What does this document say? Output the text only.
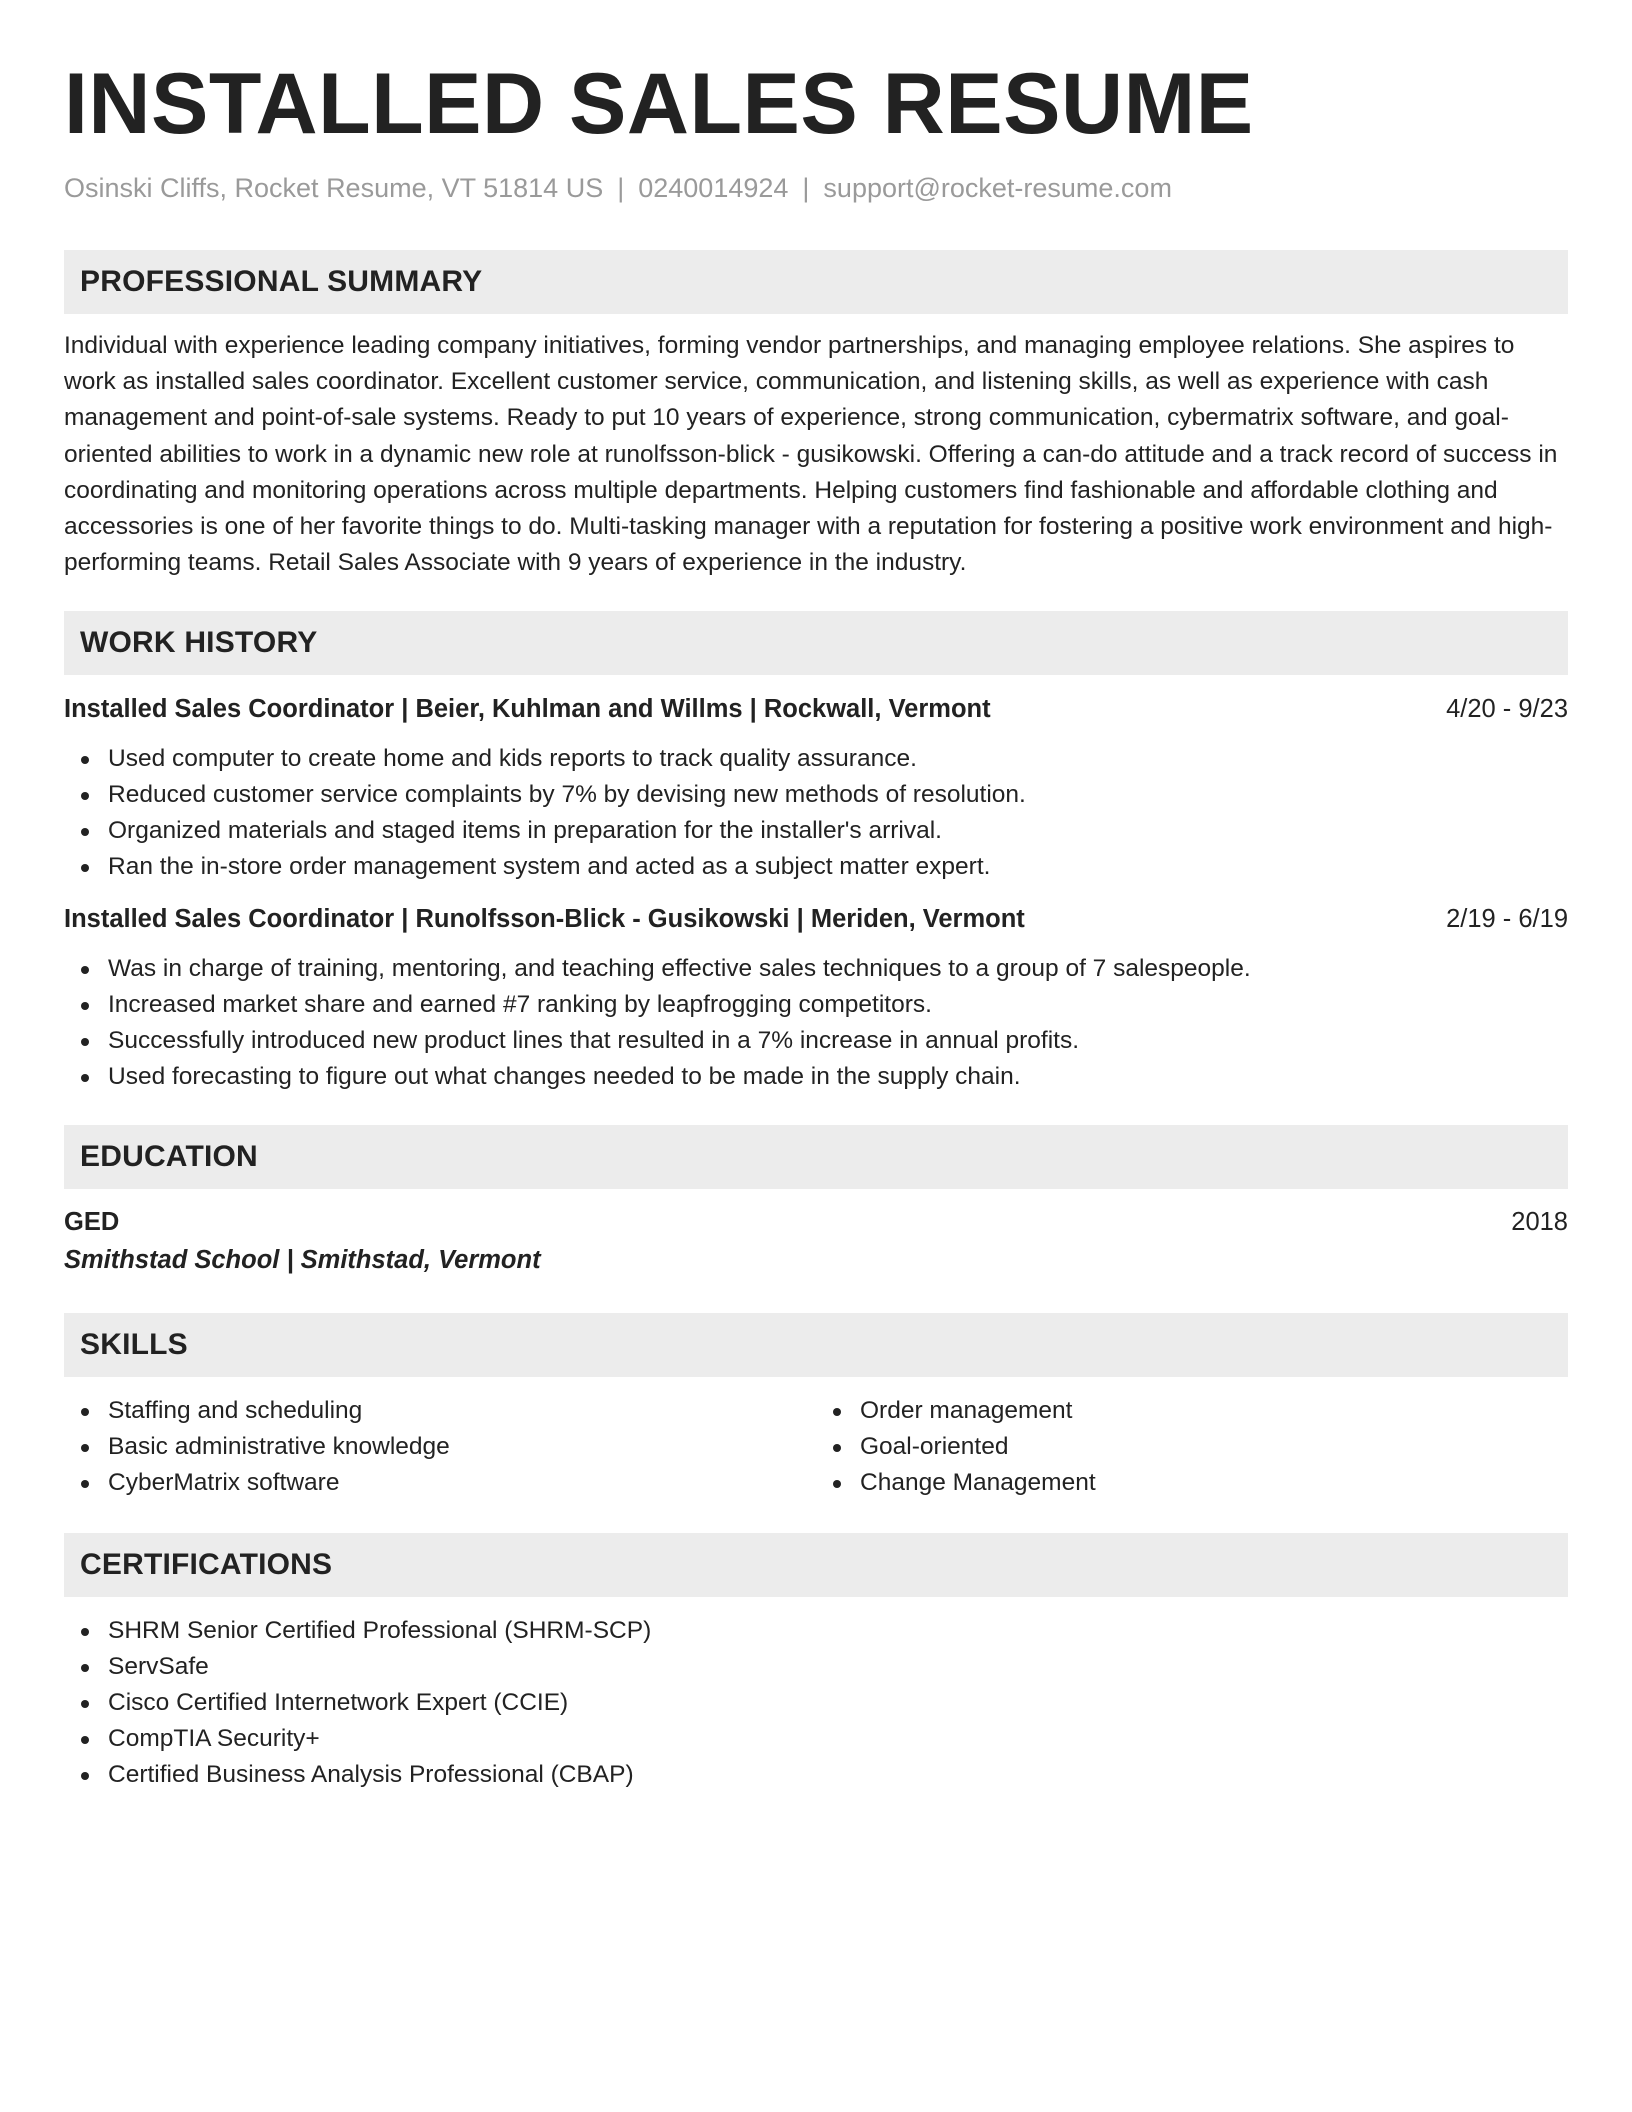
INSTALLED SALES RESUME
Osinski Cliffs, Rocket Resume, VT 51814 US | 0240014924 | support@rocket-resume.com
PROFESSIONAL SUMMARY
Individual with experience leading company initiatives, forming vendor partnerships, and managing employee relations. She aspires to work as installed sales coordinator. Excellent customer service, communication, and listening skills, as well as experience with cash management and point-of-sale systems. Ready to put 10 years of experience, strong communication, cybermatrix software, and goal-oriented abilities to work in a dynamic new role at runolfsson-blick - gusikowski. Offering a can-do attitude and a track record of success in coordinating and monitoring operations across multiple departments. Helping customers find fashionable and affordable clothing and accessories is one of her favorite things to do. Multi-tasking manager with a reputation for fostering a positive work environment and high-performing teams. Retail Sales Associate with 9 years of experience in the industry.
WORK HISTORY
Installed Sales Coordinator | Beier, Kuhlman and Willms | Rockwall, Vermont	4/20 - 9/23
Used computer to create home and kids reports to track quality assurance.
Reduced customer service complaints by 7% by devising new methods of resolution.
Organized materials and staged items in preparation for the installer's arrival.
Ran the in-store order management system and acted as a subject matter expert.
Installed Sales Coordinator | Runolfsson-Blick - Gusikowski | Meriden, Vermont	2/19 - 6/19
Was in charge of training, mentoring, and teaching effective sales techniques to a group of 7 salespeople.
Increased market share and earned #7 ranking by leapfrogging competitors.
Successfully introduced new product lines that resulted in a 7% increase in annual profits.
Used forecasting to figure out what changes needed to be made in the supply chain.
EDUCATION
GED	2018
Smithstad School | Smithstad, Vermont
SKILLS
Staffing and scheduling
Basic administrative knowledge
CyberMatrix software
Order management
Goal-oriented
Change Management
CERTIFICATIONS
SHRM Senior Certified Professional (SHRM-SCP)
ServSafe
Cisco Certified Internetwork Expert (CCIE)
CompTIA Security+
Certified Business Analysis Professional (CBAP)
